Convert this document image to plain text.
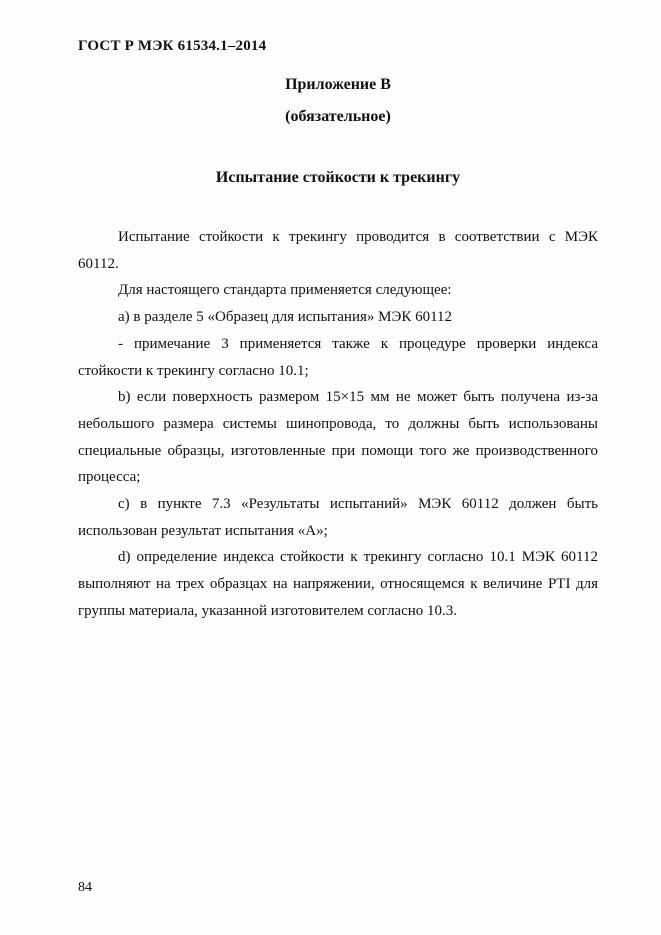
ГОСТ Р МЭК 61534.1–2014
Приложение В
(обязательное)
Испытание стойкости к трекингу

Испытание стойкости к трекингу проводится в соответствии с МЭК 60112.

Для настоящего стандарта применяется следующее:

а) в разделе 5 «Образец для испытания» МЭК 60112

- примечание 3 применяется также к процедуре проверки индекса стойкости к трекингу согласно 10.1;

b) если поверхность размером 15×15 мм не может быть получена из-за небольшого размера системы шинопровода, то должны быть использованы специальные образцы, изготовленные при помощи того же производственного процесса;

c) в пункте 7.3 «Результаты испытаний» МЭК 60112 должен быть использован результат испытания «А»;

d) определение индекса стойкости к трекингу согласно 10.1 МЭК 60112 выполняют на трех образцах на напряжении, относящемся к величине PTI для группы материала, указанной изготовителем согласно 10.3.

84
